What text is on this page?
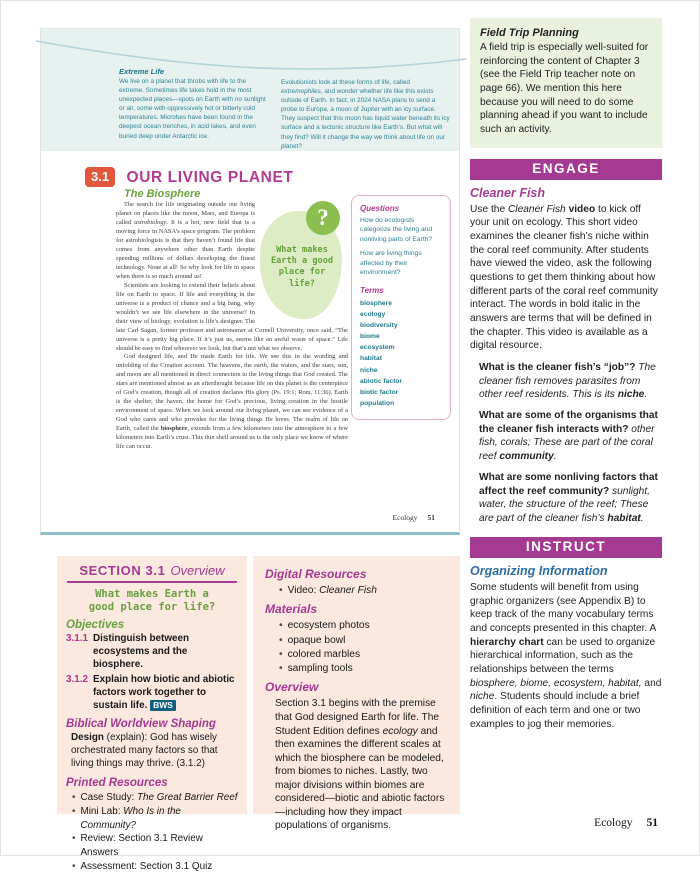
Extreme Life
We live on a planet that throbs with life to the extreme. Sometimes life takes hold in the most unexpected places—spots on Earth with no sunlight or air, some with oppressively hot or bitterly cold temperatures. Microbes have been found in the deepest ocean trenches, in acid lakes, and even buried deep under Antarctic ice.
Evolutionists look at these forms of life, called extremophiles, and wonder whether life like this exists outside of Earth. In fact, in 2024 NASA plans to send a probe to Europa, a moon of Jupiter with an icy surface. They suspect that this moon has liquid water beneath its icy surface and a tectonic structure like Earth’s. But what will they find? Will it change the way we think about life on our planet?
3.1 OUR LIVING PLANET
The Biosphere
?
What makes Earth a good place for life?

The search for life originating outside our living planet on places like the moon, Mars, and Europa is called astrobiology. It is a hot, new field that is a moving force in NASA’s space program. The problem for astrobiologists is that they haven’t found life that comes from anywhere other than Earth despite spending millions of dollars developing the finest technology. None at all! So why look for life in space when there is so much around us!

Scientists are looking to extend their beliefs about life on Earth to space. If life and everything in the universe is a product of chance and a big bang, why wouldn’t we see life elsewhere in the universe? In their view of biology, evolution is life’s designer. The late Carl Sagan, former professor and astronomer at Cornell University, once said, “The universe is a pretty big place. If it’s just us, seems like an awful waste of space.” Life should be easy to find wherever we look, but that’s not what we observe.

God designed life, and He made Earth for life. We see this in the wording and unfolding of the Creation account. The heavens, the earth, the waters, and the stars, sun, and moon are all mentioned in direct connection to the living things that God created. The stars are mentioned almost as an afterthought because life on this planet is the centerpiece of God’s creation, though all of creation declares His glory (Ps. 19:1; Rom. 11:36). Earth is the shelter, the haven, the home for God’s precious, living creation in the hostile environment of space. When we look around our living planet, we can see evidence of a God who cares and who provides for the living things He loves. The realm of life on Earth, called the biosphere, extends from a few kilometers into the atmosphere to a few kilometers into Earth’s crust. This thin shell around us is the only place we know of where life can occur.

Questions
How do ecologists categorize the living and nonliving parts of Earth?
How are living things affected by their environment?
Terms
biosphere
ecology
biodiversity
biome
ecosystem
habitat
niche
abiotic factor
biotic factor
population
Ecology 51
Field Trip Planning
A field trip is especially well-suited for reinforcing the content of Chapter 3 (see the Field Trip teacher note on page 66). We mention this here because you will need to do some planning ahead if you want to include such an activity.
ENGAGE
Cleaner Fish
Use the Cleaner Fish video to kick off your unit on ecology. This short video examines the cleaner fish’s niche within the coral reef community. After students have viewed the video, ask the following questions to get them thinking about how different parts of the coral reef community interact. The words in bold italic in the answers are terms that will be defined in the chapter. This video is available as a digital resource.
What is the cleaner fish’s “job”? The cleaner fish removes parasites from other reef residents. This is its niche.
What are some of the organisms that the cleaner fish interacts with? other fish, corals; These are part of the coral reef community.
What are some nonliving factors that affect the reef community? sunlight, water, the structure of the reef; These are part of the cleaner fish’s habitat.
INSTRUCT
Organizing Information
Some students will benefit from using graphic organizers (see Appendix B) to keep track of the many vocabulary terms and concepts presented in this chapter. A hierarchy chart can be used to organize hierarchical information, such as the relationships between the terms biosphere, biome, ecosystem, habitat, and niche. Students should include a brief definition of each term and one or two examples to jog their memories.
SECTION 3.1 Overview
What makes Earth a
good place for life?
Objectives
3.1.1 Distinguish between ecosystems and the biosphere.
3.1.2 Explain how biotic and abiotic factors work together to sustain life. BWS
Biblical Worldview Shaping
Design (explain): God has wisely orchestrated many factors so that living things may thrive. (3.1.2)
Printed Resources
• Case Study: The Great Barrier Reef
• Mini Lab: Who Is in the Community?
• Review: Section 3.1 Review Answers
• Assessment: Section 3.1 Quiz
Digital Resources
• Video: Cleaner Fish
Materials
• ecosystem photos
• opaque bowl
• colored marbles
• sampling tools
Overview
Section 3.1 begins with the premise that God designed Earth for life. The Student Edition defines ecology and then examines the different scales at which the biosphere can be modeled, from biomes to niches. Lastly, two major divisions within biomes are considered—biotic and abiotic factors—including how they impact populations of organisms.	Ecology 51
